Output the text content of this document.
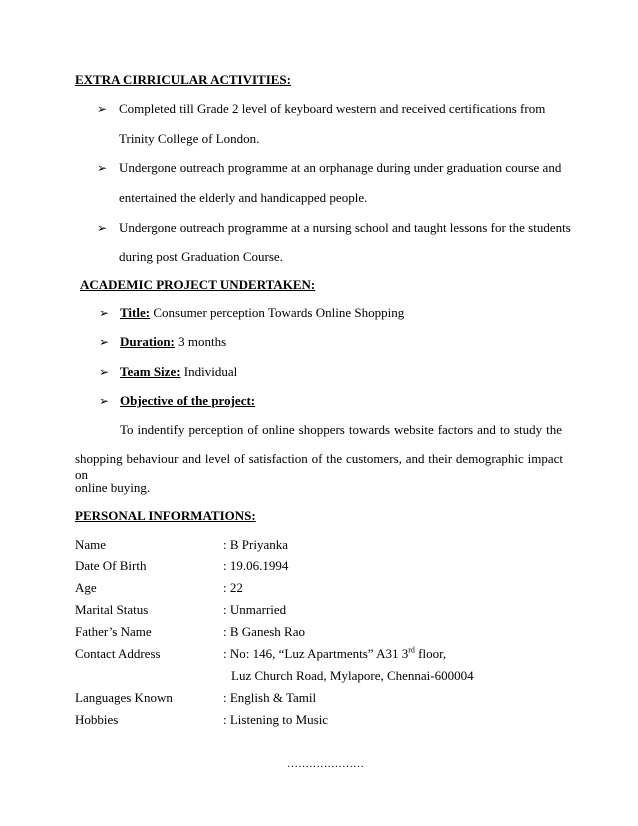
EXTRA CIRRICULAR ACTIVITIES:
➢ Completed till Grade 2 level of keyboard western and received certifications from
Trinity College of London.
➢ Undergone outreach programme at an orphanage during under graduation course and
entertained the elderly and handicapped people.
➢ Undergone outreach programme at a nursing school and taught lessons for the students
during post Graduation Course.
ACADEMIC PROJECT UNDERTAKEN:
➢ Title: Consumer perception Towards Online Shopping
➢ Duration: 3 months
➢ Team Size: Individual
➢ Objective of the project:
To indentify perception of online shoppers towards website factors and to study the
shopping behaviour and level of satisfaction of the customers, and their demographic impact on
online buying.
PERSONAL INFORMATIONS:
Name	: B Priyanka
Date Of Birth	: 19.06.1994
Age	: 22
Marital Status	: Unmarried
Father’s Name	: B Ganesh Rao
Contact Address	: No: 146, “Luz Apartments” A31 3rd floor,
Luz Church Road, Mylapore, Chennai-600004
Languages Known	: English & Tamil
Hobbies	: Listening to Music
…………………
